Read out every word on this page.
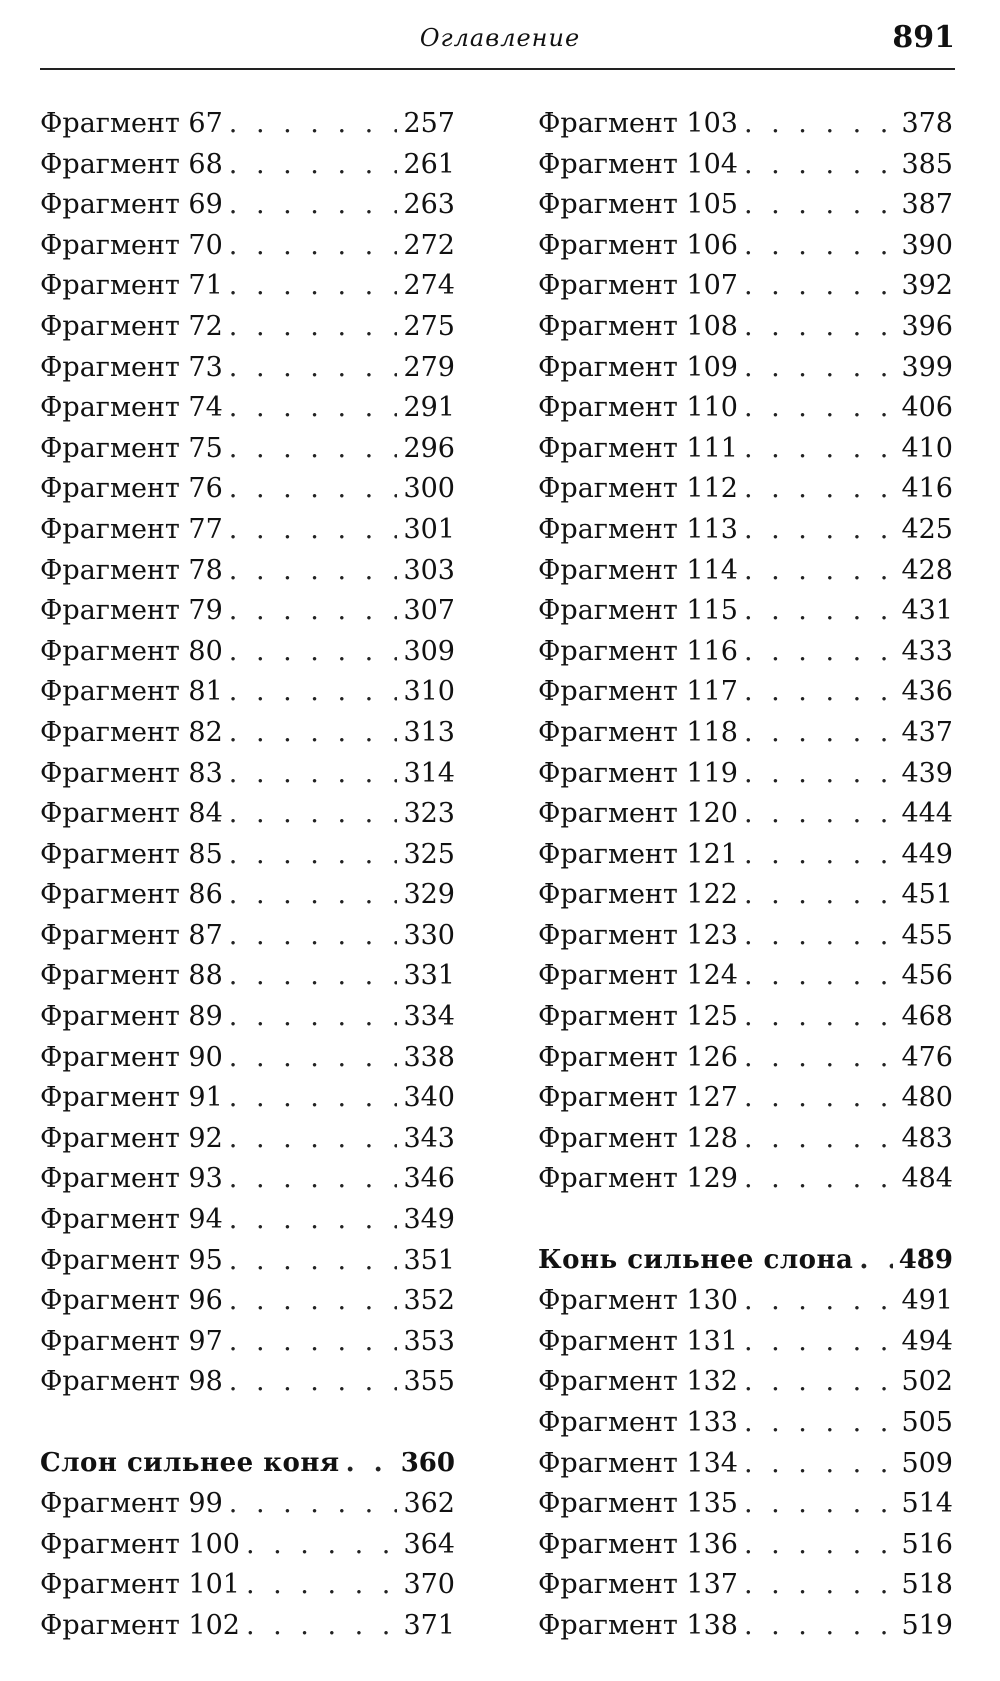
Оглавление	891
Фрагмент 67 . . .	257
Фрагмент 68 . . .	261
Фрагмент 69 . . .	263
Фрагмент 70 . . .	272
Фрагмент 71 . . .	274
Фрагмент 72 . . .	275
Фрагмент 73 . . .	279
Фрагмент 74 . . .	291
Фрагмент 75 . . .	296
Фрагмент 76 . . .	300
Фрагмент 77 . . .	301
Фрагмент 78 . . .	303
Фрагмент 79 . . .	307
Фрагмент 80 . . .	309
Фрагмент 81 . . .	310
Фрагмент 82 . . .	313
Фрагмент 83 . . .	314
Фрагмент 84 . . .	323
Фрагмент 85 . . .	325
Фрагмент 86 . . .	329
Фрагмент 87 . . .	330
Фрагмент 88 . . .	331
Фрагмент 89 . . .	334
Фрагмент 90 . . .	338
Фрагмент 91 . . .	340
Фрагмент 92 . . .	343
Фрагмент 93 . . .	346
Фрагмент 94 . . .	349
Фрагмент 95 . . .	351
Фрагмент 96 . . .	352
Фрагмент 97 . . .	353
Фрагмент 98 . . .	355
Слон сильнее коня . . . 360
Фрагмент 99 . . .	362
Фрагмент 100 . . .	364
Фрагмент 101 . . .	370
Фрагмент 102 . . .	371
Фрагмент 103 . . .	378
Фрагмент 104 . . .	385
Фрагмент 105 . . .	387
Фрагмент 106 . . .	390
Фрагмент 107 . . .	392
Фрагмент 108 . . .	396
Фрагмент 109 . . .	399
Фрагмент 110 . . .	406
Фрагмент 111 . . .	410
Фрагмент 112 . . .	416
Фрагмент 113 . . .	425
Фрагмент 114 . . .	428
Фрагмент 115 . . .	431
Фрагмент 116 . . .	433
Фрагмент 117 . . .	436
Фрагмент 118 . . .	437
Фрагмент 119 . . .	439
Фрагмент 120 . . .	444
Фрагмент 121 . . .	449
Фрагмент 122 . . .	451
Фрагмент 123 . . .	455
Фрагмент 124 . . .	456
Фрагмент 125 . . .	468
Фрагмент 126 . . .	476
Фрагмент 127 . . .	480
Фрагмент 128 . . .	483
Фрагмент 129 . . .	484
Конь сильнее слона . . . 489
Фрагмент 130 . . .	491
Фрагмент 131 . . .	494
Фрагмент 132 . . .	502
Фрагмент 133 . . .	505
Фрагмент 134 . . .	509
Фрагмент 135 . . .	514
Фрагмент 136 . . .	516
Фрагмент 137 . . .	518
Фрагмент 138 . . .	519
